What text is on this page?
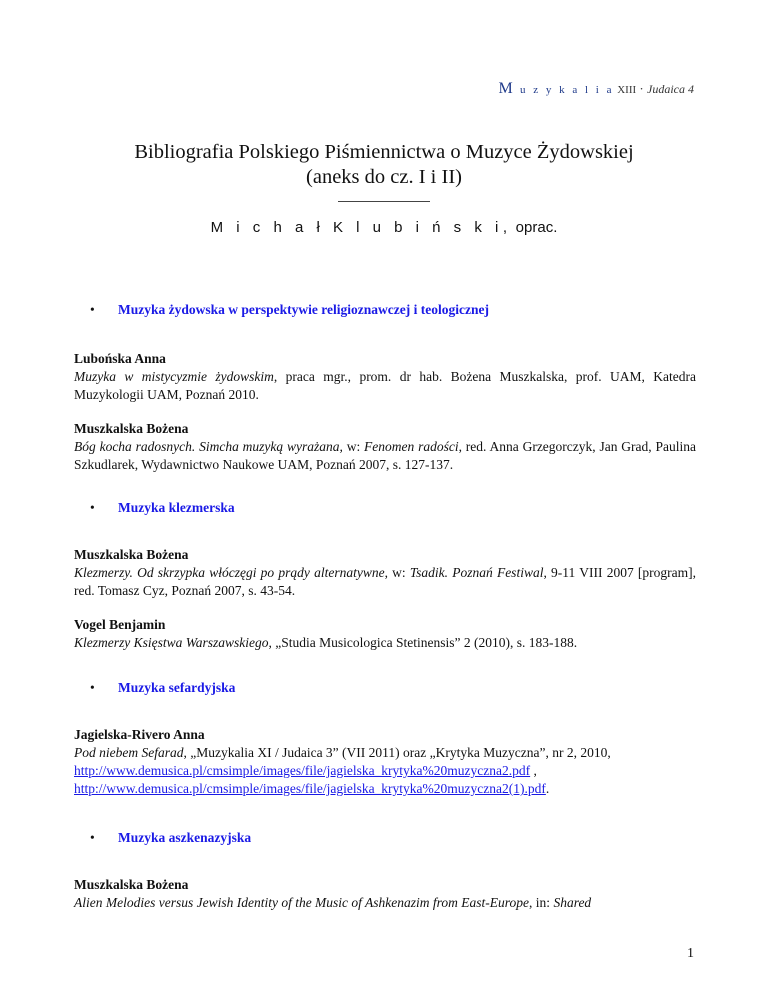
M u z y k a l i a XIII · Judaica 4
Bibliografia Polskiego Piśmiennictwa o Muzyce Żydowskiej
(aneks do cz. I i II)
M i c h a ł K l u b i ń s k i, oprac.
• Muzyka żydowska w perspektywie religioznawczej i teologicznej
Lubońska Anna
Muzyka w mistycyzmie żydowskim, praca mgr., prom. dr hab. Bożena Muszkalska, prof. UAM, Katedra Muzykologii UAM, Poznań 2010.
Muszkalska Bożena
Bóg kocha radosnych. Simcha muzyką wyrażana, w: Fenomen radości, red. Anna Grzegorczyk, Jan Grad, Paulina Szkudlarek, Wydawnictwo Naukowe UAM, Poznań 2007, s. 127-137.
• Muzyka klezmerska
Muszkalska Bożena
Klezmerzy. Od skrzypka włóczęgi po prądy alternatywne, w: Tsadik. Poznań Festiwal, 9-11 VIII 2007 [program], red. Tomasz Cyz, Poznań 2007, s. 43-54.
Vogel Benjamin
Klezmerzy Księstwa Warszawskiego, „Studia Musicologica Stetinensis” 2 (2010), s. 183-188.
• Muzyka sefardyjska
Jagielska-Rivero Anna
Pod niebem Sefarad, „Muzykalia XI / Judaica 3” (VII 2011) oraz „Krytyka Muzyczna”, nr 2, 2010,
http://www.demusica.pl/cmsimple/images/file/jagielska_krytyka%20muzyczna2.pdf ,
http://www.demusica.pl/cmsimple/images/file/jagielska_krytyka%20muzyczna2(1).pdf.
• Muzyka aszkenazyjska
Muszkalska Bożena
Alien Melodies versus Jewish Identity of the Music of Ashkenazim from East-Europe, in: Shared
1
